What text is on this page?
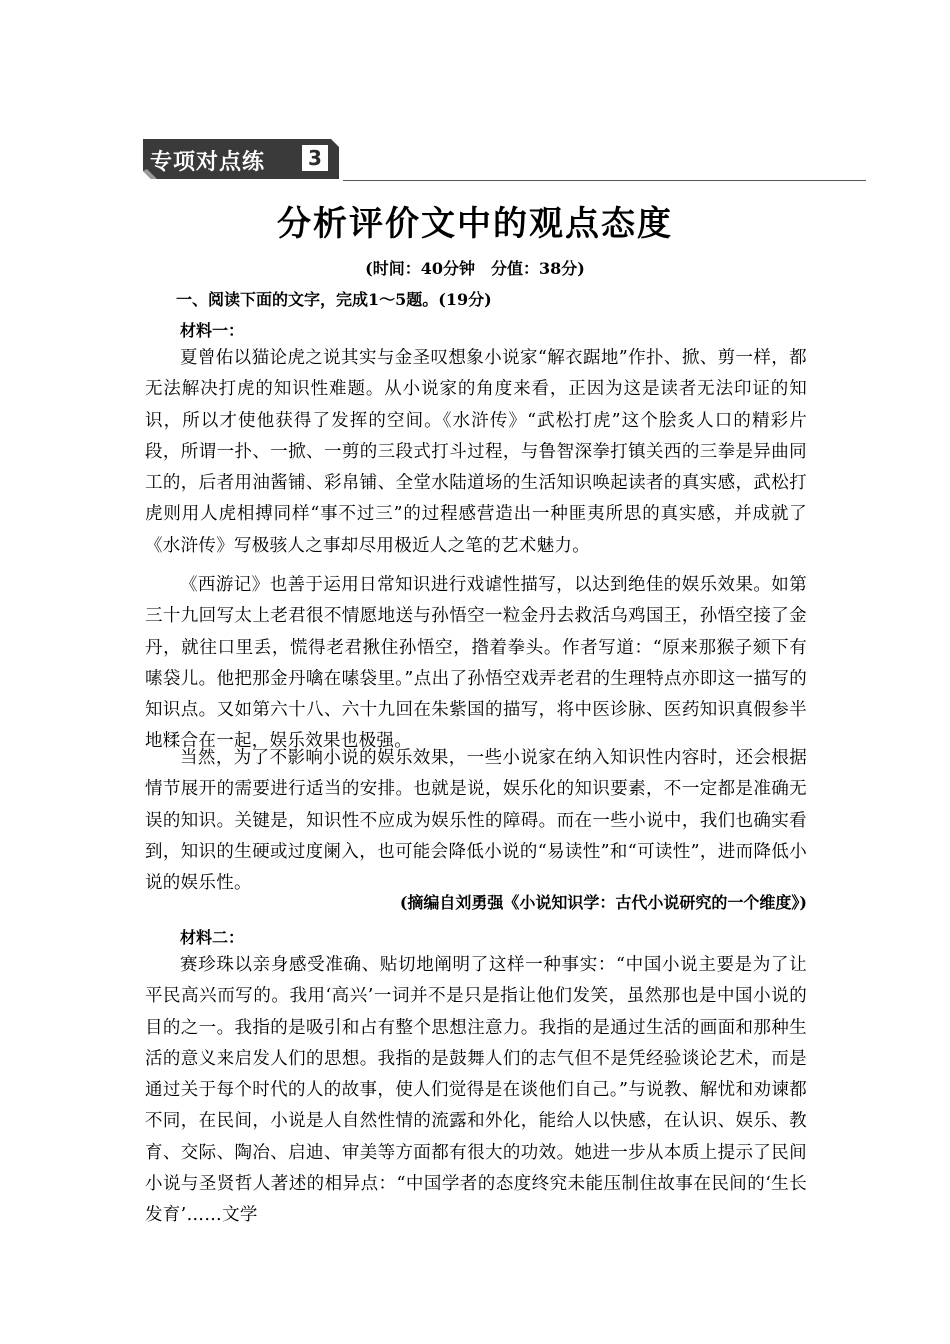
专项对点练	3
分析评价文中的观点态度
(时间：40分钟　分值：38分)
一、阅读下面的文字，完成1～5题。(19分)
材料一：
夏曾佑以猫论虎之说其实与金圣叹想象小说家“解衣踞地”作扑、掀、剪一样，都无法解决打虎的知识性难题。从小说家的角度来看，正因为这是读者无法印证的知识，所以才使他获得了发挥的空间。《水浒传》“武松打虎”这个脍炙人口的精彩片段，所谓一扑、一掀、一剪的三段式打斗过程，与鲁智深拳打镇关西的三拳是异曲同工的，后者用油酱铺、彩帛铺、全堂水陆道场的生活知识唤起读者的真实感，武松打虎则用人虎相搏同样“事不过三”的过程感营造出一种匪夷所思的真实感，并成就了《水浒传》写极骇人之事却尽用极近人之笔的艺术魅力。
《西游记》也善于运用日常知识进行戏谑性描写，以达到绝佳的娱乐效果。如第三十九回写太上老君很不情愿地送与孙悟空一粒金丹去救活乌鸡国王，孙悟空接了金丹，就往口里丢，慌得老君揪住孙悟空，揝着拳头。作者写道：“原来那猴子颏下有嗉袋儿。他把那金丹噙在嗉袋里。”点出了孙悟空戏弄老君的生理特点亦即这一描写的知识点。又如第六十八、六十九回在朱紫国的描写，将中医诊脉、医药知识真假参半地糅合在一起，娱乐效果也极强。
当然，为了不影响小说的娱乐效果，一些小说家在纳入知识性内容时，还会根据情节展开的需要进行适当的安排。也就是说，娱乐化的知识要素，不一定都是准确无误的知识。关键是，知识性不应成为娱乐性的障碍。而在一些小说中，我们也确实看到，知识的生硬或过度阑入，也可能会降低小说的“易读性”和“可读性”，进而降低小说的娱乐性。
(摘编自刘勇强《小说知识学：古代小说研究的一个维度》)
材料二：
赛珍珠以亲身感受准确、贴切地阐明了这样一种事实：“中国小说主要是为了让平民高兴而写的。我用‘高兴’一词并不是只是指让他们发笑，虽然那也是中国小说的目的之一。我指的是吸引和占有整个思想注意力。我指的是通过生活的画面和那种生活的意义来启发人们的思想。我指的是鼓舞人们的志气但不是凭经验谈论艺术，而是通过关于每个时代的人的故事，使人们觉得是在谈他们自己。”与说教、解忧和劝谏都不同，在民间，小说是人自然性情的流露和外化，能给人以快感，在认识、娱乐、教育、交际、陶冶、启迪、审美等方面都有很大的功效。她进一步从本质上提示了民间小说与圣贤哲人著述的相异点：“中国学者的态度终究未能压制住故事在民间的‘生长发育’……文学
